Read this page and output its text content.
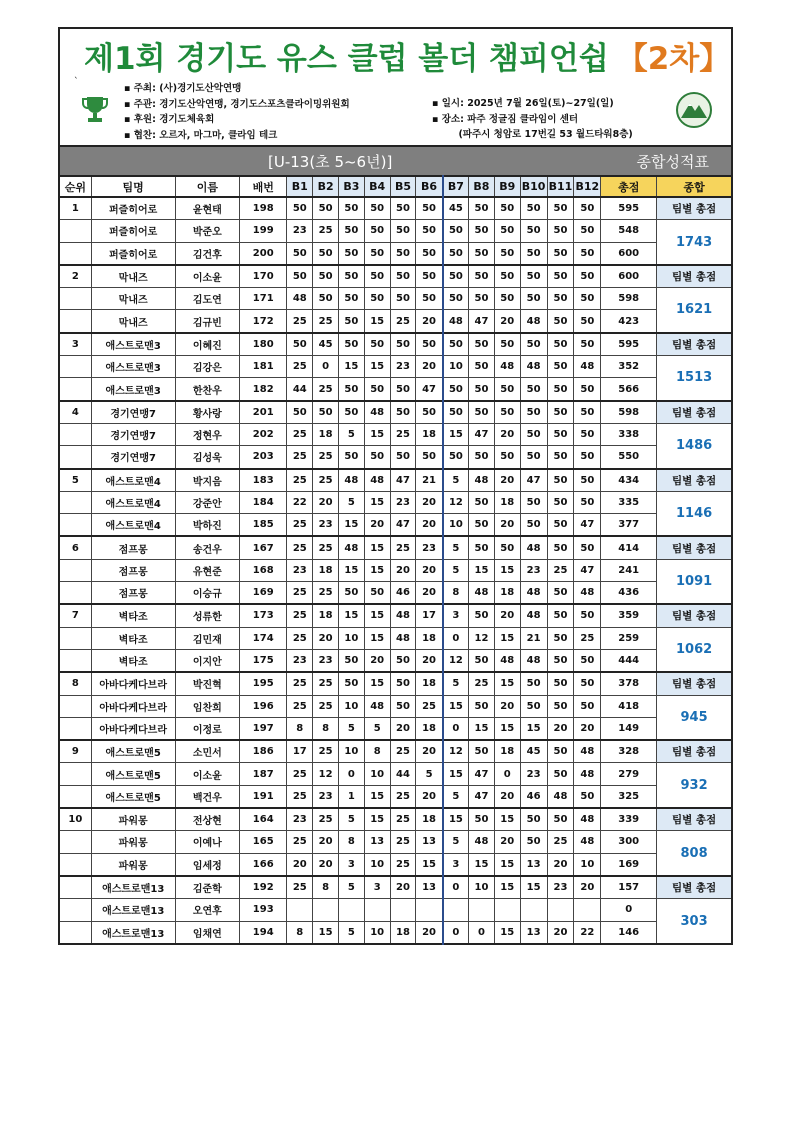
제1회 경기도 유스 클럽 볼더 챔피언쉽 【2차】
`
▪ 주최: (사)경기도산악연맹
▪ 주관: 경기도산악연맹, 경기도스포츠클라이밍위원회
▪ 후원: 경기도체육회
▪ 협찬: 오르자, 마그마, 클라임 테크
▪ 일시: 2025년 7월 26일(토)~27일(일)
▪ 장소: 파주 정글짐 클라임이 센터
(파주시 청암로 17번길 53 월드타워8층)
[U-13(초 5~6년)]	종합성적표
순위	팀명	이름	배번	B1	B2	B3	B4	B5	B6	B7	B8	B9	B10	B11	B12	총점	종합
1	퍼즐히어로	윤현태	198	50	50	50	50	50	50	45	50	50	50	50	50	595	팀별 총점
	퍼즐히어로	박준오	199	23	25	50	50	50	50	50	50	50	50	50	50	548	1743
	퍼즐히어로	김건후	200	50	50	50	50	50	50	50	50	50	50	50	50	600	
2	막내즈	이소윤	170	50	50	50	50	50	50	50	50	50	50	50	50	600	팀별 총점
	막내즈	김도연	171	48	50	50	50	50	50	50	50	50	50	50	50	598	1621
	막내즈	김규빈	172	25	25	50	15	25	20	48	47	20	48	50	50	423	
3	애스트로맨3	이혜진	180	50	45	50	50	50	50	50	50	50	50	50	50	595	팀별 총점
	애스트로맨3	김강은	181	25	0	15	15	23	20	10	50	48	48	50	48	352	1513
	애스트로맨3	한찬우	182	44	25	50	50	50	47	50	50	50	50	50	50	566	
4	경기연맹7	황사랑	201	50	50	50	48	50	50	50	50	50	50	50	50	598	팀별 총점
	경기연맹7	정현우	202	25	18	5	15	25	18	15	47	20	50	50	50	338	1486
	경기연맹7	김성욱	203	25	25	50	50	50	50	50	50	50	50	50	50	550	
5	애스트로맨4	박지음	183	25	25	48	48	47	21	5	48	20	47	50	50	434	팀별 총점
	애스트로맨4	강준안	184	22	20	5	15	23	20	12	50	18	50	50	50	335	1146
	애스트로맨4	박하진	185	25	23	15	20	47	20	10	50	20	50	50	47	377	
6	점프몽	송건우	167	25	25	48	15	25	23	5	50	50	48	50	50	414	팀별 총점
	점프몽	유현준	168	23	18	15	15	20	20	5	15	15	23	25	47	241	1091
	점프몽	이승규	169	25	25	50	50	46	20	8	48	18	48	50	48	436	
7	벽타조	성류한	173	25	18	15	15	48	17	3	50	20	48	50	50	359	팀별 총점
	벽타조	김민재	174	25	20	10	15	48	18	0	12	15	21	50	25	259	1062
	벽타조	이지안	175	23	23	50	20	50	20	12	50	48	48	50	50	444	
8	아바다케다브라	박진혁	195	25	25	50	15	50	18	5	25	15	50	50	50	378	팀별 총점
	아바다케다브라	임찬희	196	25	25	10	48	50	25	15	50	20	50	50	50	418	945
	아바다케다브라	이정로	197	8	8	5	5	20	18	0	15	15	15	20	20	149	
9	애스트로맨5	소민서	186	17	25	10	8	25	20	12	50	18	45	50	48	328	팀별 총점
	애스트로맨5	이소윤	187	25	12	0	10	44	5	15	47	0	23	50	48	279	932
	애스트로맨5	백건우	191	25	23	1	15	25	20	5	47	20	46	48	50	325	
10	파워몽	전상현	164	23	25	5	15	25	18	15	50	15	50	50	48	339	팀별 총점
	파워몽	이예나	165	25	20	8	13	25	13	5	48	20	50	25	48	300	808
	파워몽	임세정	166	20	20	3	10	25	15	3	15	15	13	20	10	169	
	애스트로맨13	김준학	192	25	8	5	3	20	13	0	10	15	15	23	20	157	팀별 총점
	애스트로맨13	오연후	193													0	303
	애스트로맨13	임채연	194	8	15	5	10	18	20	0	0	15	13	20	22	146	
